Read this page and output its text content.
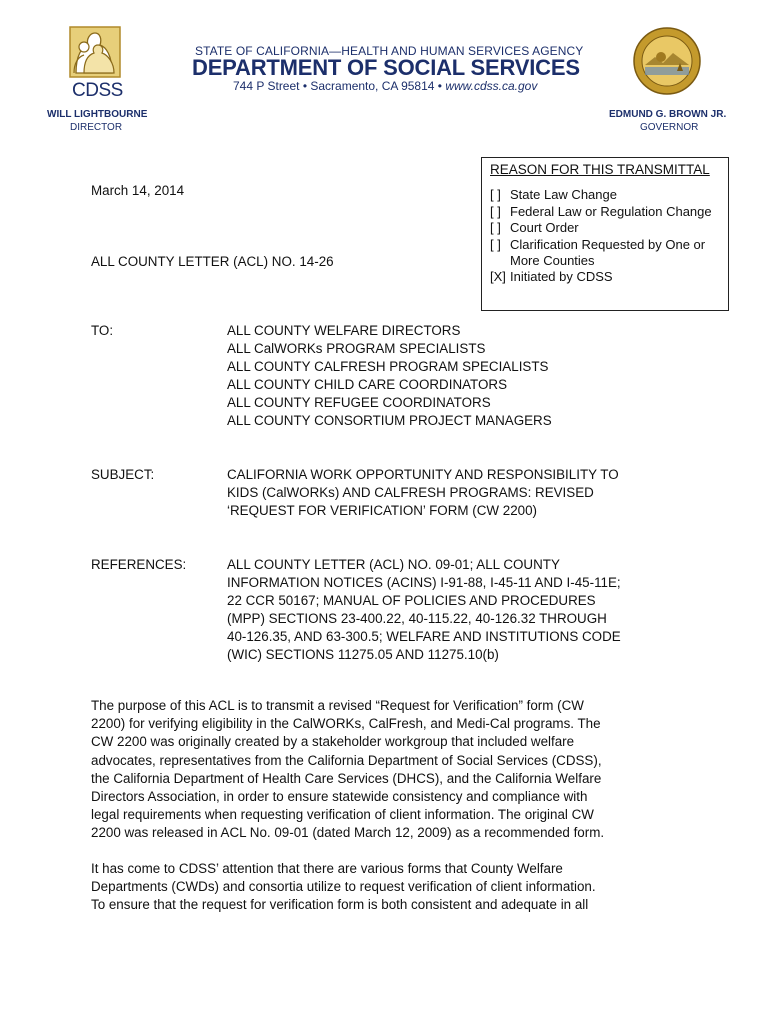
CDSS
WILL LIGHTBOURNE
DIRECTOR
STATE OF CALIFORNIA—HEALTH AND HUMAN SERVICES AGENCY
DEPARTMENT OF SOCIAL SERVICES
744 P Street • Sacramento, CA 95814 • www.cdss.ca.gov
EDMUND G. BROWN JR.
GOVERNOR
REASON FOR THIS TRANSMITTAL
[ ] State Law Change
[ ] Federal Law or Regulation Change
[ ] Court Order
[ ] Clarification Requested by One or More Counties
[X] Initiated by CDSS
March 14, 2014
ALL COUNTY LETTER (ACL) NO. 14-26
TO:	ALL COUNTY WELFARE DIRECTORS
ALL CalWORKs PROGRAM SPECIALISTS
ALL COUNTY CALFRESH PROGRAM SPECIALISTS
ALL COUNTY CHILD CARE COORDINATORS
ALL COUNTY REFUGEE COORDINATORS
ALL COUNTY CONSORTIUM PROJECT MANAGERS
SUBJECT:	CALIFORNIA WORK OPPORTUNITY AND RESPONSIBILITY TO
KIDS (CalWORKs) AND CALFRESH PROGRAMS: REVISED
‘REQUEST FOR VERIFICATION’ FORM (CW 2200)
REFERENCES:	ALL COUNTY LETTER (ACL) NO. 09-01; ALL COUNTY
INFORMATION NOTICES (ACINS) I-91-88, I-45-11 AND I-45-11E;
22 CCR 50167; MANUAL OF POLICIES AND PROCEDURES
(MPP) SECTIONS 23-400.22, 40-115.22, 40-126.32 THROUGH
40-126.35, AND 63-300.5; WELFARE AND INSTITUTIONS CODE
(WIC) SECTIONS 11275.05 AND 11275.10(b)
The purpose of this ACL is to transmit a revised “Request for Verification” form (CW
2200) for verifying eligibility in the CalWORKs, CalFresh, and Medi-Cal programs. The
CW 2200 was originally created by a stakeholder workgroup that included welfare
advocates, representatives from the California Department of Social Services (CDSS),
the California Department of Health Care Services (DHCS), and the California Welfare
Directors Association, in order to ensure statewide consistency and compliance with
legal requirements when requesting verification of client information. The original CW
2200 was released in ACL No. 09-01 (dated March 12, 2009) as a recommended form.
It has come to CDSS’ attention that there are various forms that County Welfare
Departments (CWDs) and consortia utilize to request verification of client information.
To ensure that the request for verification form is both consistent and adequate in all
